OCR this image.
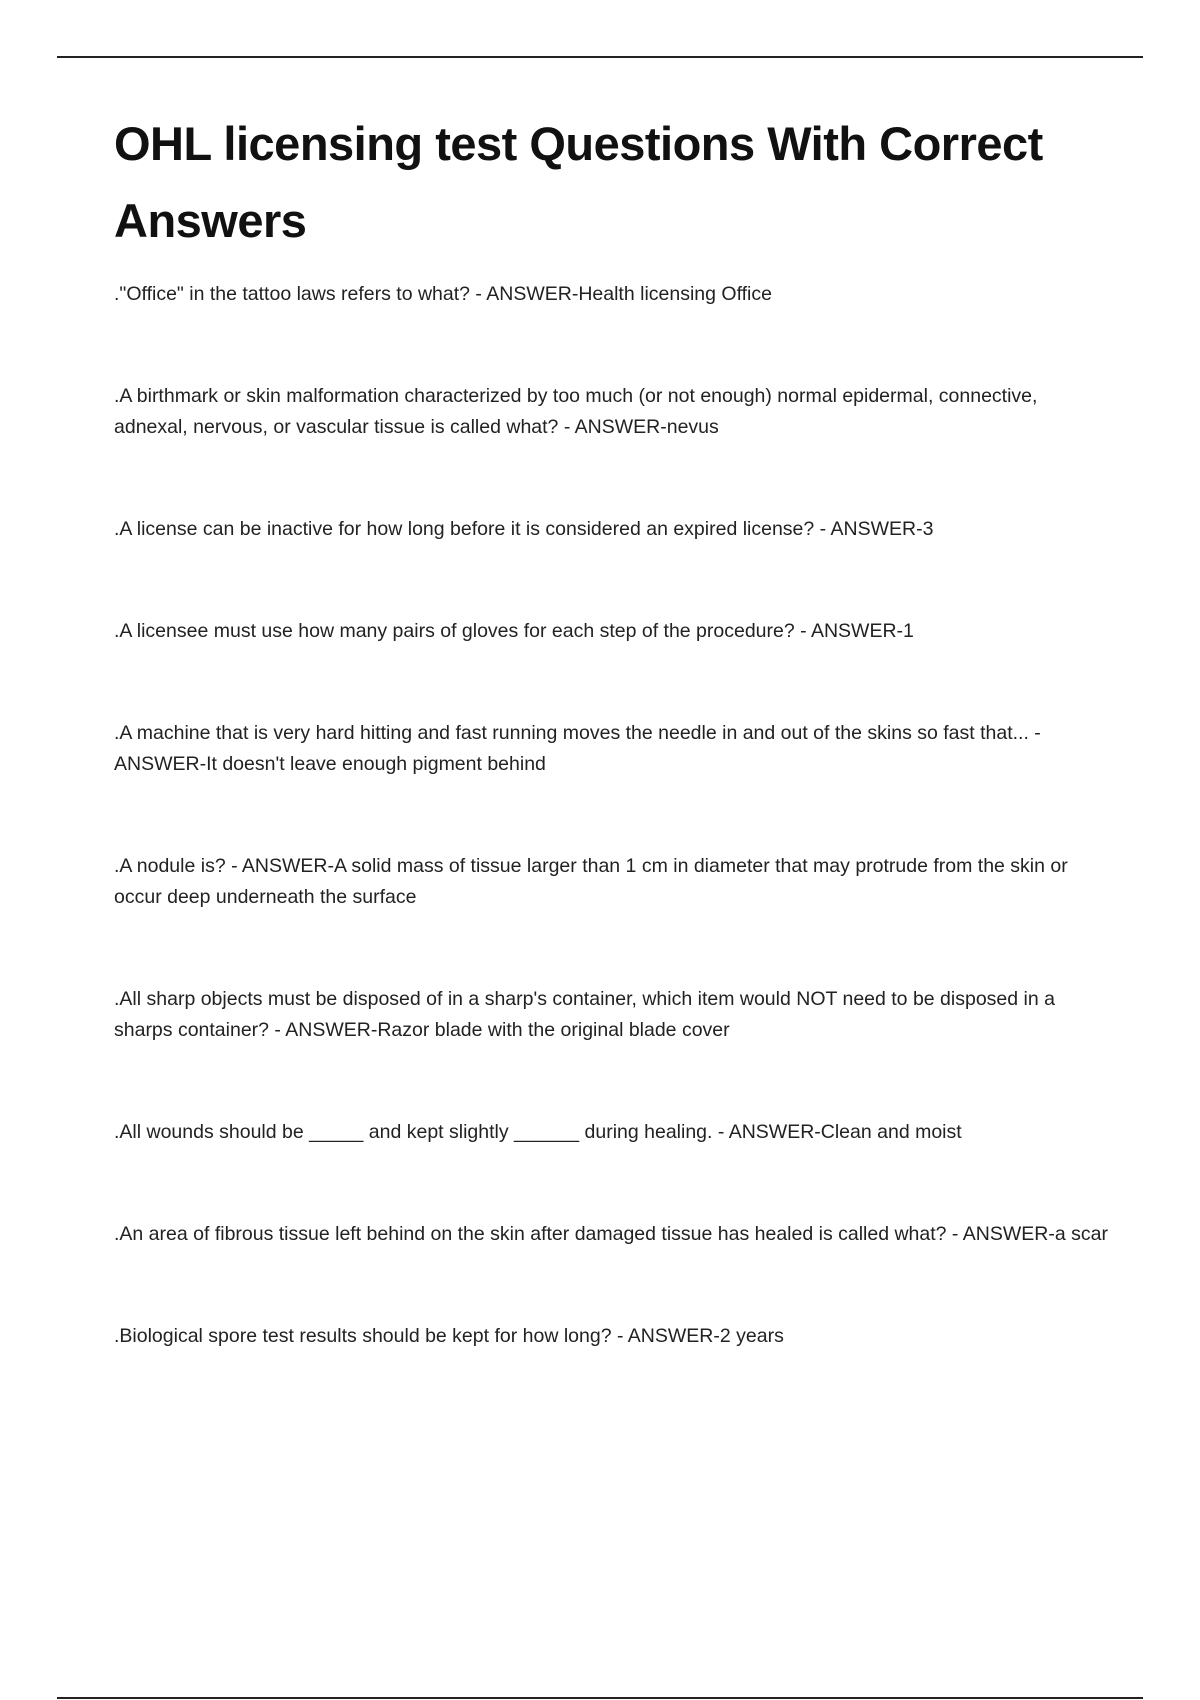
OHL licensing test Questions With Correct Answers

."Office" in the tattoo laws refers to what? - ANSWER-Health licensing Office

.A birthmark or skin malformation characterized by too much (or not enough) normal epidermal, connective, adnexal, nervous, or vascular tissue is called what? - ANSWER-nevus

.A license can be inactive for how long before it is considered an expired license? - ANSWER-3

.A licensee must use how many pairs of gloves for each step of the procedure? - ANSWER-1

.A machine that is very hard hitting and fast running moves the needle in and out of the skins so fast that... - ANSWER-It doesn't leave enough pigment behind

.A nodule is? - ANSWER-A solid mass of tissue larger than 1 cm in diameter that may protrude from the skin or occur deep underneath the surface

.All sharp objects must be disposed of in a sharp's container, which item would NOT need to be disposed in a sharps container? - ANSWER-Razor blade with the original blade cover

.All wounds should be _____ and kept slightly ______ during healing. - ANSWER-Clean and moist

.An area of fibrous tissue left behind on the skin after damaged tissue has healed is called what? - ANSWER-a scar

.Biological spore test results should be kept for how long? - ANSWER-2 years
